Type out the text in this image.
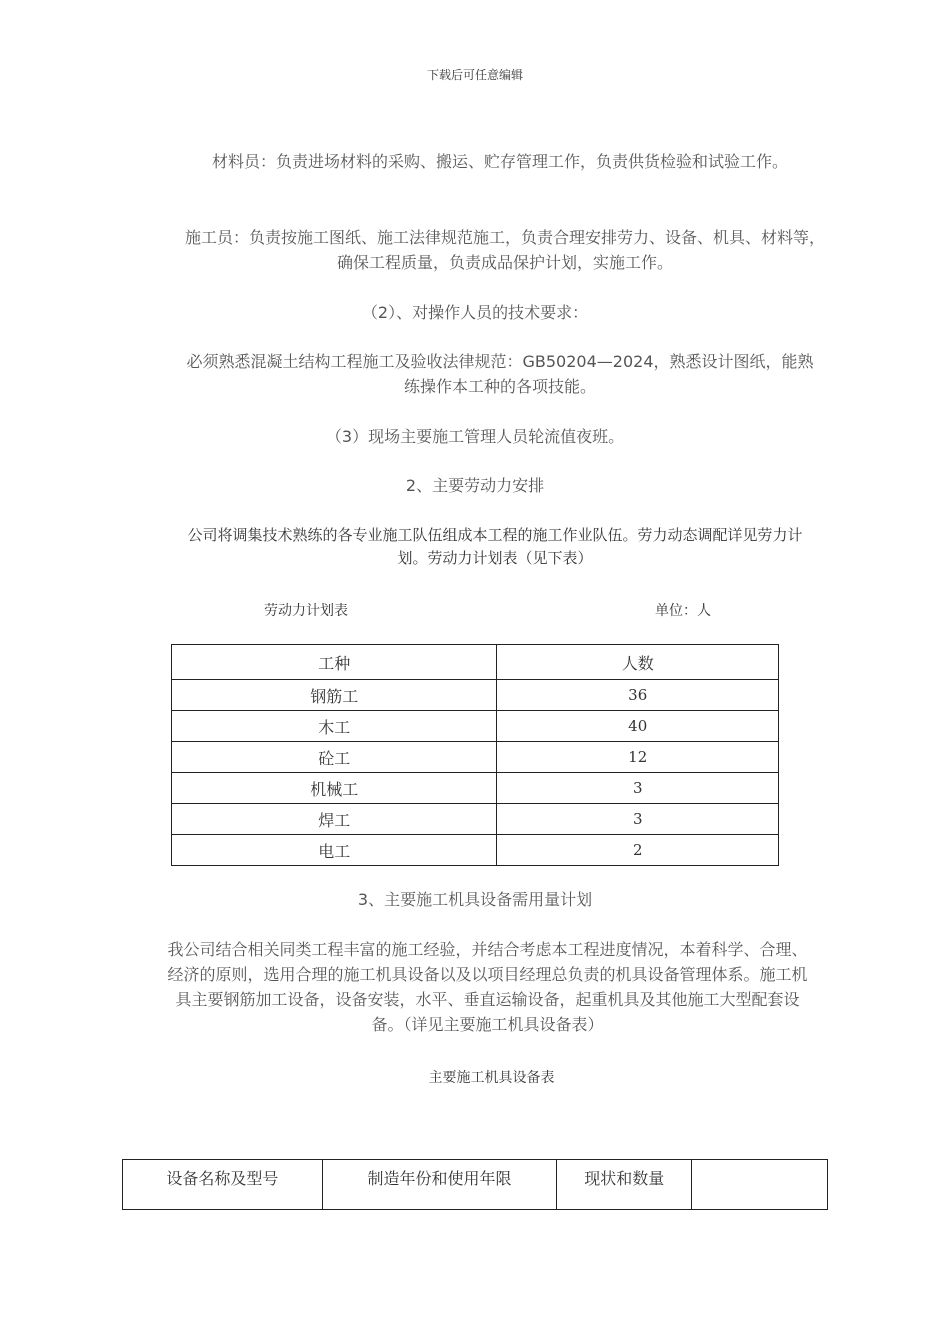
下载后可任意编辑
材料员：负责进场材料的采购、搬运、贮存管理工作，负责供货检验和试验工作。
施工员：负责按施工图纸、施工法律规范施工，负责合理安排劳力、设备、机具、材料等，确保工程质量，负责成品保护计划，实施工作。
（2）、对操作人员的技术要求：
必须熟悉混凝土结构工程施工及验收法律规范：GB50204—2024，熟悉设计图纸，能熟练操作本工种的各项技能。
（3）现场主要施工管理人员轮流值夜班。
2、主要劳动力安排
公司将调集技术熟练的各专业施工队伍组成本工程的施工作业队伍。劳力动态调配详见劳力计划。劳动力计划表（见下表）
劳动力计划表	单位：人
工种	人数
钢筋工	36
木工	40
砼工	12
机械工	3
焊工	3
电工	2
3、主要施工机具设备需用量计划
我公司结合相关同类工程丰富的施工经验，并结合考虑本工程进度情况，本着科学、合理、经济的原则，选用合理的施工机具设备以及以项目经理总负责的机具设备管理体系。施工机具主要钢筋加工设备，设备安装，水平、垂直运输设备，起重机具及其他施工大型配套设备。（详见主要施工机具设备表）
主要施工机具设备表
设备名称及型号	制造年份和使用年限	现状和数量	
